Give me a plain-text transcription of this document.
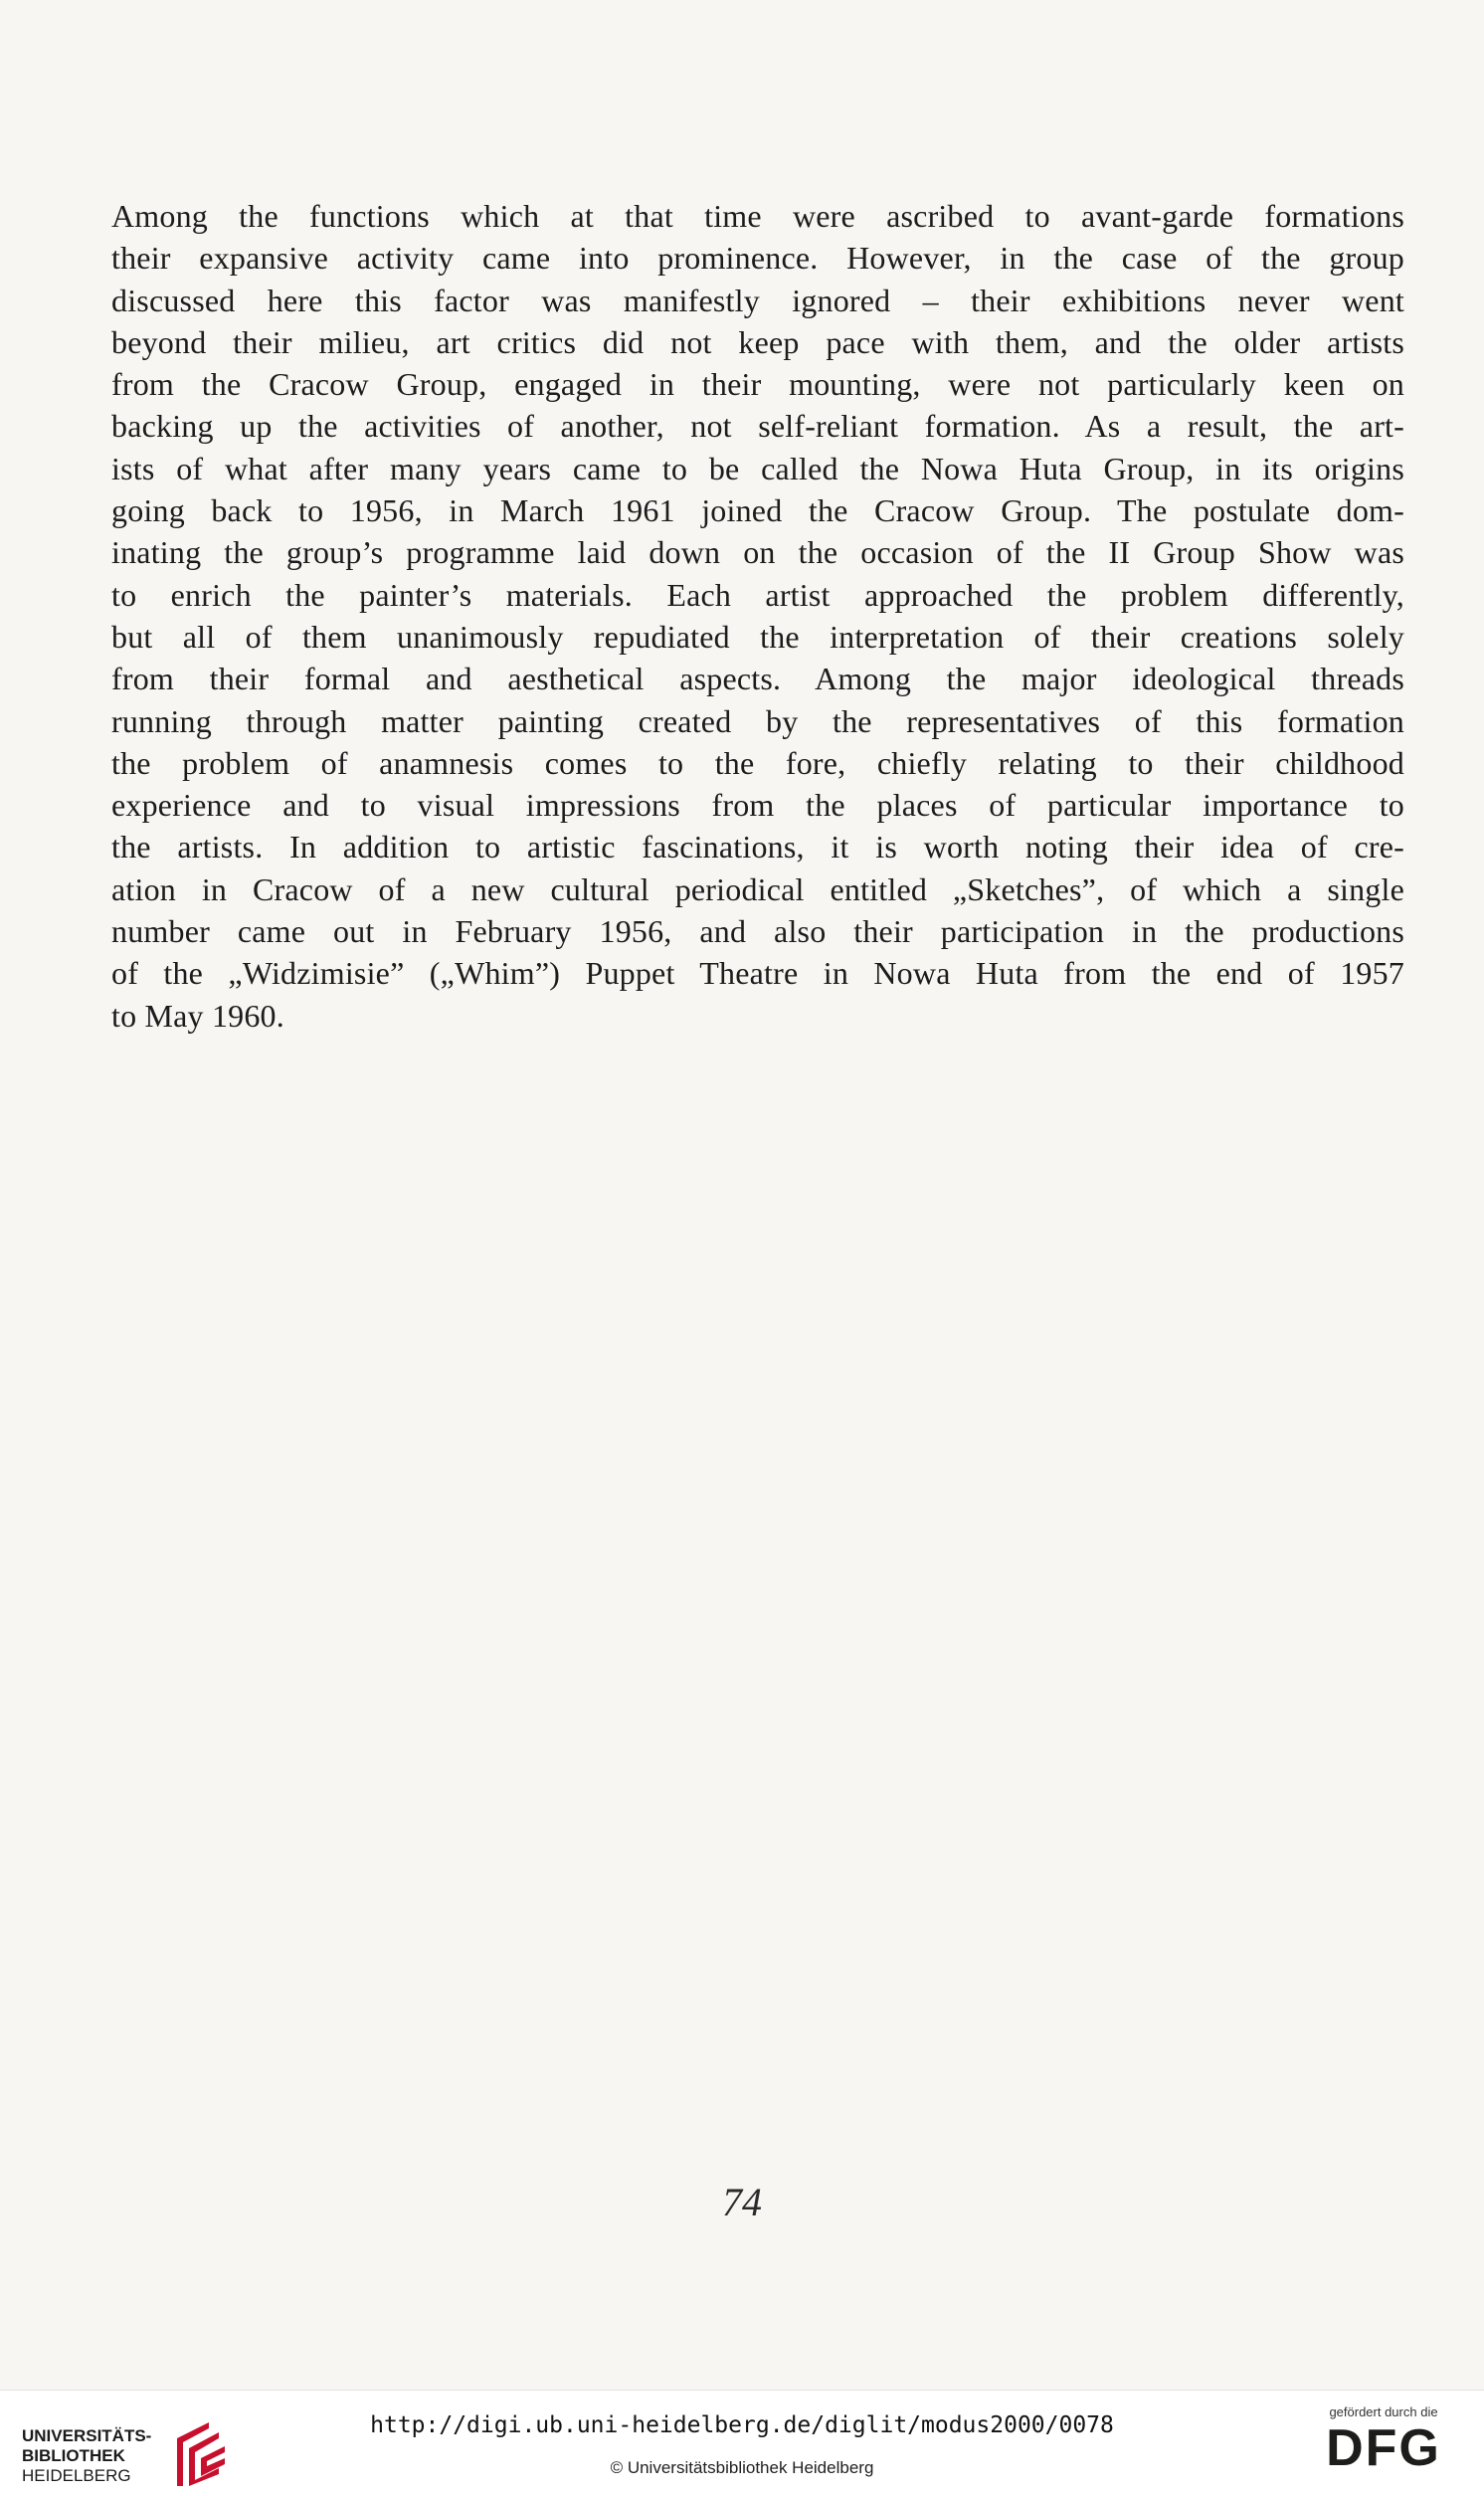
Among the functions which at that time were ascribed to avant-garde formations
their expansive activity came into prominence. However, in the case of the group
discussed here this factor was manifestly ignored – their exhibitions never went
beyond their milieu, art critics did not keep pace with them, and the older artists
from the Cracow Group, engaged in their mounting, were not particularly keen on
backing up the activities of another, not self-reliant formation. As a result, the art-
ists of what after many years came to be called the Nowa Huta Group, in its origins
going back to 1956, in March 1961 joined the Cracow Group. The postulate dom-
inating the group’s programme laid down on the occasion of the II Group Show was
to enrich the painter’s materials. Each artist approached the problem differently,
but all of them unanimously repudiated the interpretation of their creations solely
from their formal and aesthetical aspects. Among the major ideological threads
running through matter painting created by the representatives of this formation
the problem of anamnesis comes to the fore, chiefly relating to their childhood
experience and to visual impressions from the places of particular importance to
the artists. In addition to artistic fascinations, it is worth noting their idea of cre-
ation in Cracow of a new cultural periodical entitled „Sketches”, of which a single
number came out in February 1956, and also their participation in the productions
of the „Widzimisie” („Whim”) Puppet Theatre in Nowa Huta from the end of 1957
to May 1960.
74
UNIVERSITÄTS-
BIBLIOTHEK
HEIDELBERG
http://digi.ub.uni-heidelberg.de/diglit/modus2000/0078
© Universitätsbibliothek Heidelberg
gefördert durch die
DFG
